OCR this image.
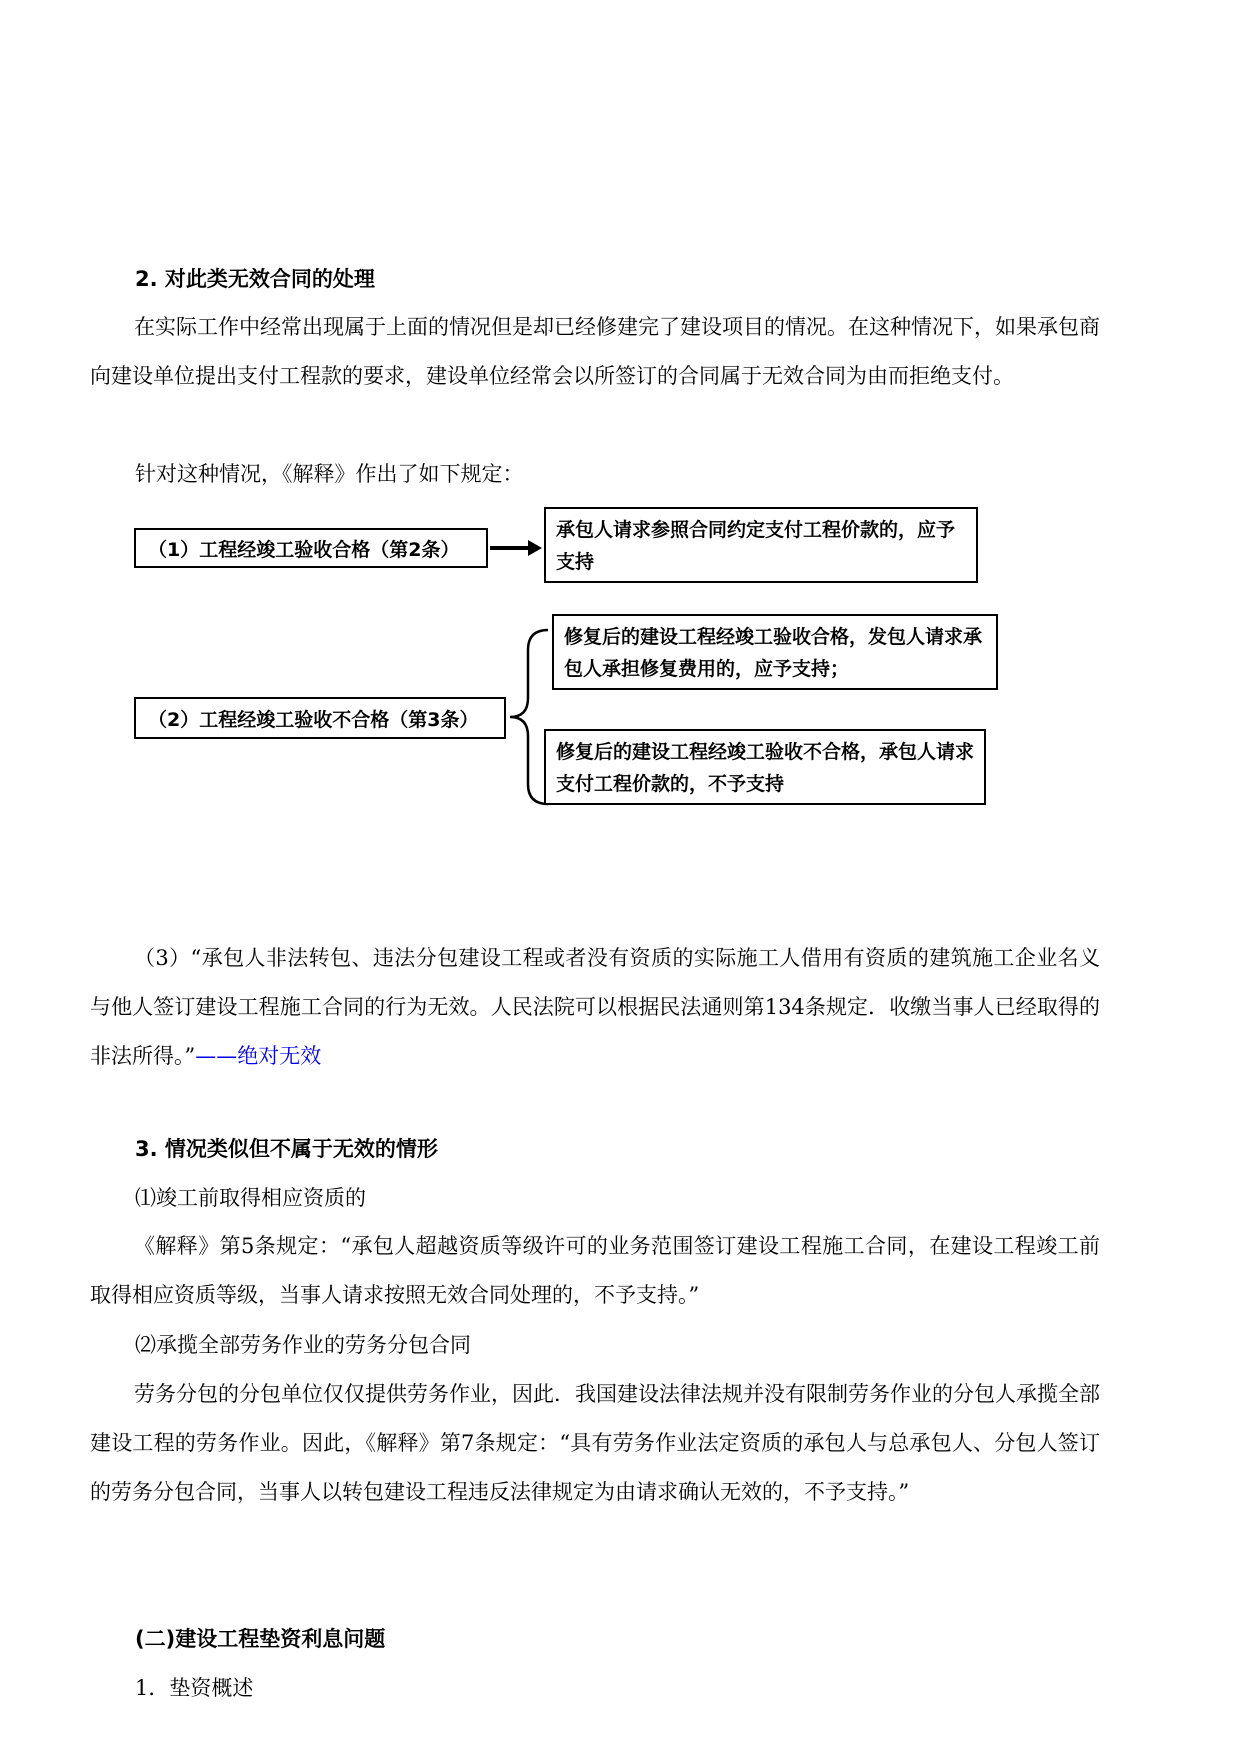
2. 对此类无效合同的处理
在实际工作中经常出现属于上面的情况但是却已经修建完了建设项目的情况。在这种情况下，如果承包商向建设单位提出支付工程款的要求，建设单位经常会以所签订的合同属于无效合同为由而拒绝支付。
针对这种情况，《解释》作出了如下规定：
（1）工程经竣工验收合格（第2条）
承包人请求参照合同约定支付工程价款的，应予支持
（2）工程经竣工验收不合格（第3条）
修复后的建设工程经竣工验收合格，发包人请求承包人承担修复费用的，应予支持；
修复后的建设工程经竣工验收不合格，承包人请求支付工程价款的，不予支持
（3）“承包人非法转包、违法分包建设工程或者没有资质的实际施工人借用有资质的建筑施工企业名义与他人签订建设工程施工合同的行为无效。人民法院可以根据民法通则第134条规定．收缴当事人已经取得的非法所得。”——绝对无效
3. 情况类似但不属于无效的情形
⑴竣工前取得相应资质的
《解释》第5条规定：“承包人超越资质等级许可的业务范围签订建设工程施工合同，在建设工程竣工前取得相应资质等级，当事人请求按照无效合同处理的，不予支持。”
⑵承揽全部劳务作业的劳务分包合同
劳务分包的分包单位仅仅提供劳务作业，因此．我国建设法律法规并没有限制劳务作业的分包人承揽全部建设工程的劳务作业。因此，《解释》第7条规定：“具有劳务作业法定资质的承包人与总承包人、分包人签订的劳务分包合同，当事人以转包建设工程违反法律规定为由请求确认无效的，不予支持。”
(二)建设工程垫资利息问题
1．垫资概述
